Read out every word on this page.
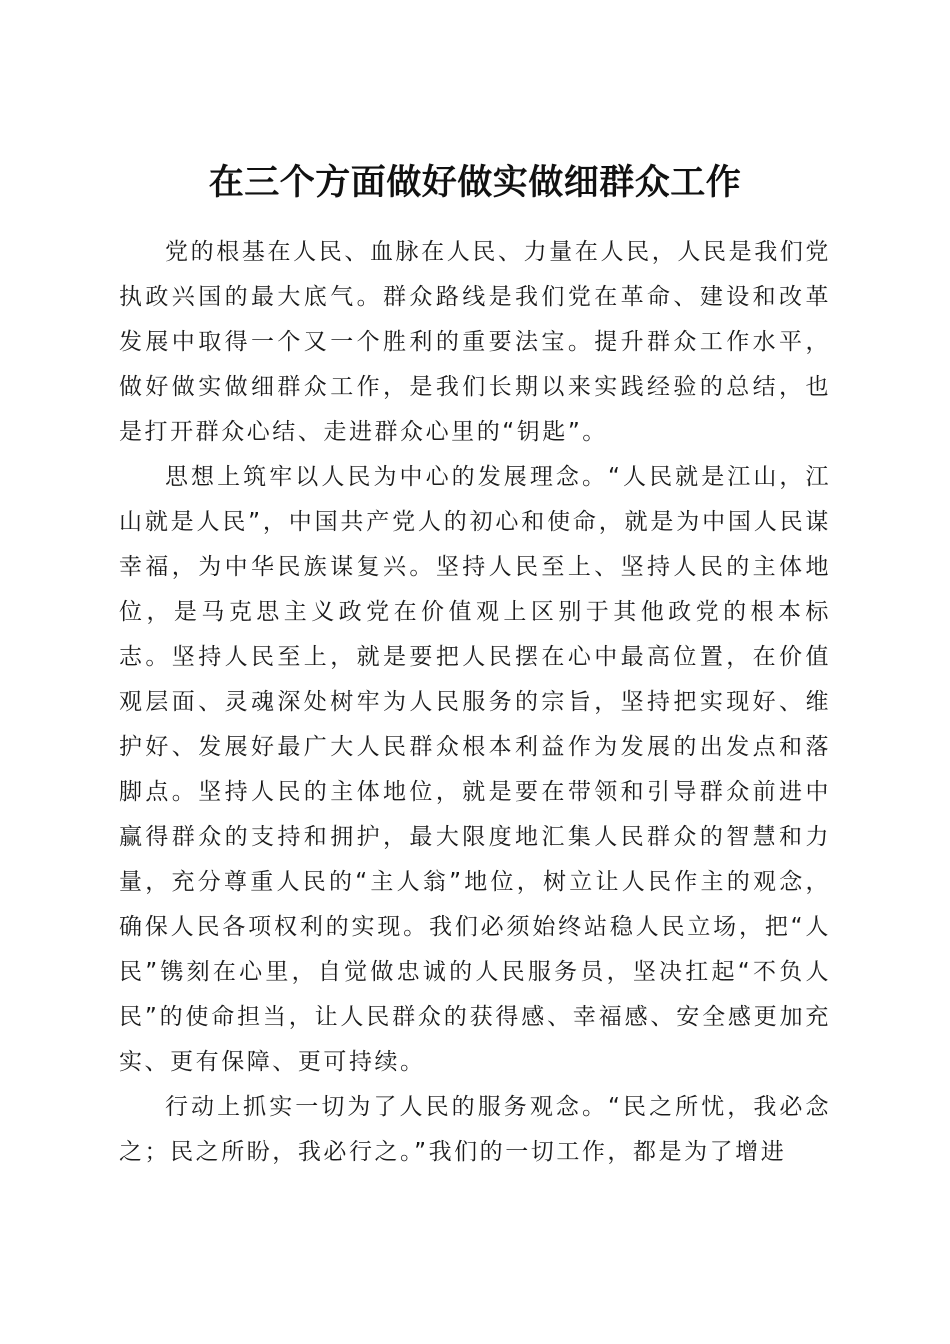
在三个方面做好做实做细群众工作

党的根基在人民、血脉在人民、力量在人民，人民是我们党执政兴国的最大底气。群众路线是我们党在革命、建设和改革发展中取得一个又一个胜利的重要法宝。提升群众工作水平，做好做实做细群众工作，是我们长期以来实践经验的总结，也是打开群众心结、走进群众心里的“钥匙”。

思想上筑牢以人民为中心的发展理念。“人民就是江山，江山就是人民”，中国共产党人的初心和使命，就是为中国人民谋幸福，为中华民族谋复兴。坚持人民至上、坚持人民的主体地位，是马克思主义政党在价值观上区别于其他政党的根本标志。坚持人民至上，就是要把人民摆在心中最高位置，在价值观层面、灵魂深处树牢为人民服务的宗旨，坚持把实现好、维护好、发展好最广大人民群众根本利益作为发展的出发点和落脚点。坚持人民的主体地位，就是要在带领和引导群众前进中赢得群众的支持和拥护，最大限度地汇集人民群众的智慧和力量，充分尊重人民的“主人翁”地位，树立让人民作主的观念，确保人民各项权利的实现。我们必须始终站稳人民立场，把“人民”镌刻在心里，自觉做忠诚的人民服务员，坚决扛起“不负人民”的使命担当，让人民群众的获得感、幸福感、安全感更加充实、更有保障、更可持续。

行动上抓实一切为了人民的服务观念。“民之所忧，我必念之；民之所盼，我必行之。”我们的一切工作，都是为了增进
